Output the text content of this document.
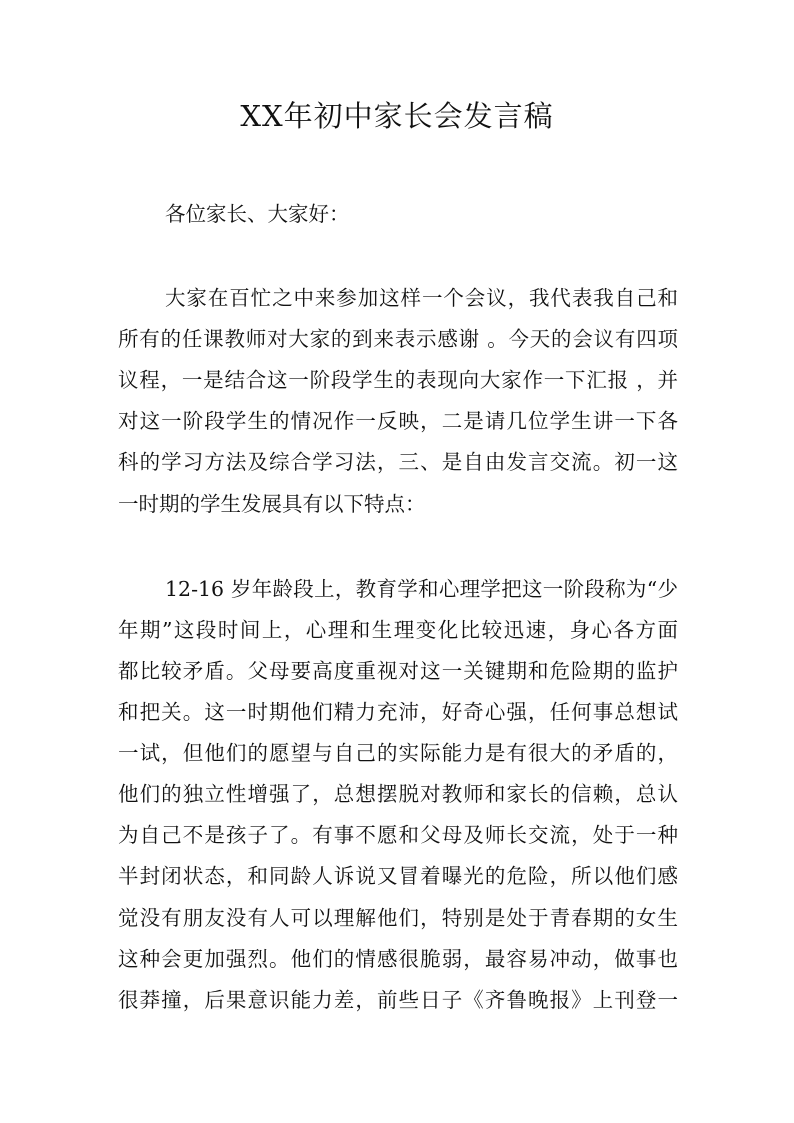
XX年初中家长会发言稿
各位家长、大家好：
大家在百忙之中来参加这样一个会议，我代表我自己和
所有的任课教师对大家的到来表示感谢 。今天的会议有四项
议程，一是结合这一阶段学生的表现向大家作一下汇报 ，并
对这一阶段学生的情况作一反映，二是请几位学生讲一下各
科的学习方法及综合学习法，三、是自由发言交流。初一这
一时期的学生发展具有以下特点：
12-16 岁年龄段上，教育学和心理学把这一阶段称为“少
年期”这段时间上，心理和生理变化比较迅速，身心各方面
都比较矛盾。父母要高度重视对这一关键期和危险期的监护
和把关。这一时期他们精力充沛，好奇心强，任何事总想试
一试，但他们的愿望与自己的实际能力是有很大的矛盾的，
他们的独立性增强了，总想摆脱对教师和家长的信赖，总认
为自己不是孩子了。有事不愿和父母及师长交流，处于一种
半封闭状态，和同龄人诉说又冒着曝光的危险，所以他们感
觉没有朋友没有人可以理解他们，特别是处于青春期的女生
这种会更加强烈。他们的情感很脆弱，最容易冲动，做事也
很莽撞，后果意识能力差，前些日子《齐鲁晚报》上刊登一
